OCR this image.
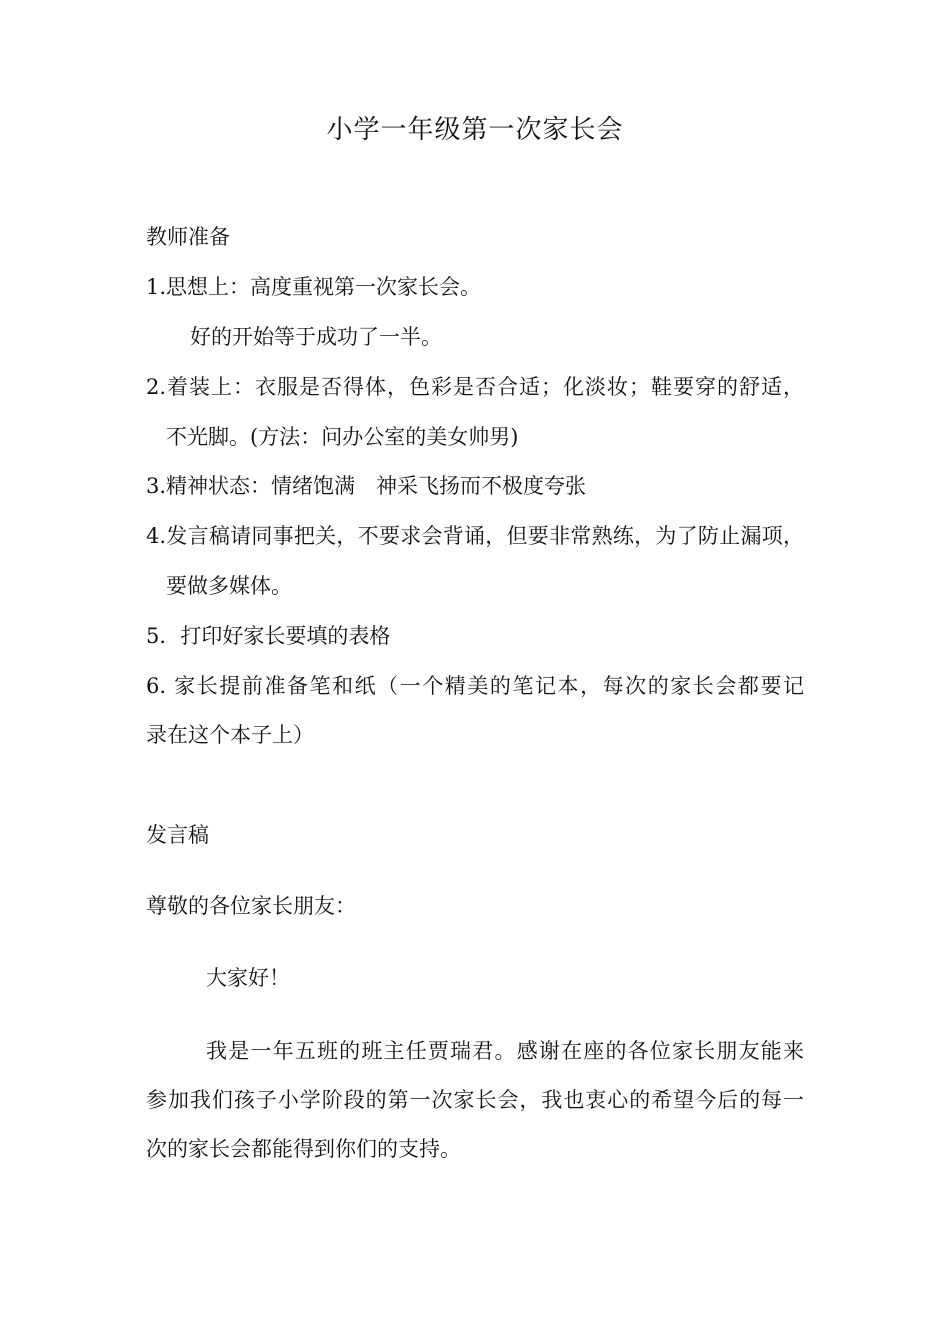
小学一年级第一次家长会
教师准备
1.思想上：高度重视第一次家长会。
好的开始等于成功了一半。
2.着装上：衣服是否得体，色彩是否合适；化淡妆；鞋要穿的舒适，
不光脚。(方法：问办公室的美女帅男)
3.精神状态：情绪饱满　神采飞扬而不极度夸张
4.发言稿请同事把关，不要求会背诵，但要非常熟练，为了防止漏项，
要做多媒体。
5．打印好家长要填的表格
6. 家长提前准备笔和纸（一个精美的笔记本，每次的家长会都要记
录在这个本子上）
发言稿
尊敬的各位家长朋友：
大家好！
我是一年五班的班主任贾瑞君。感谢在座的各位家长朋友能来
参加我们孩子小学阶段的第一次家长会，我也衷心的希望今后的每一
次的家长会都能得到你们的支持。
